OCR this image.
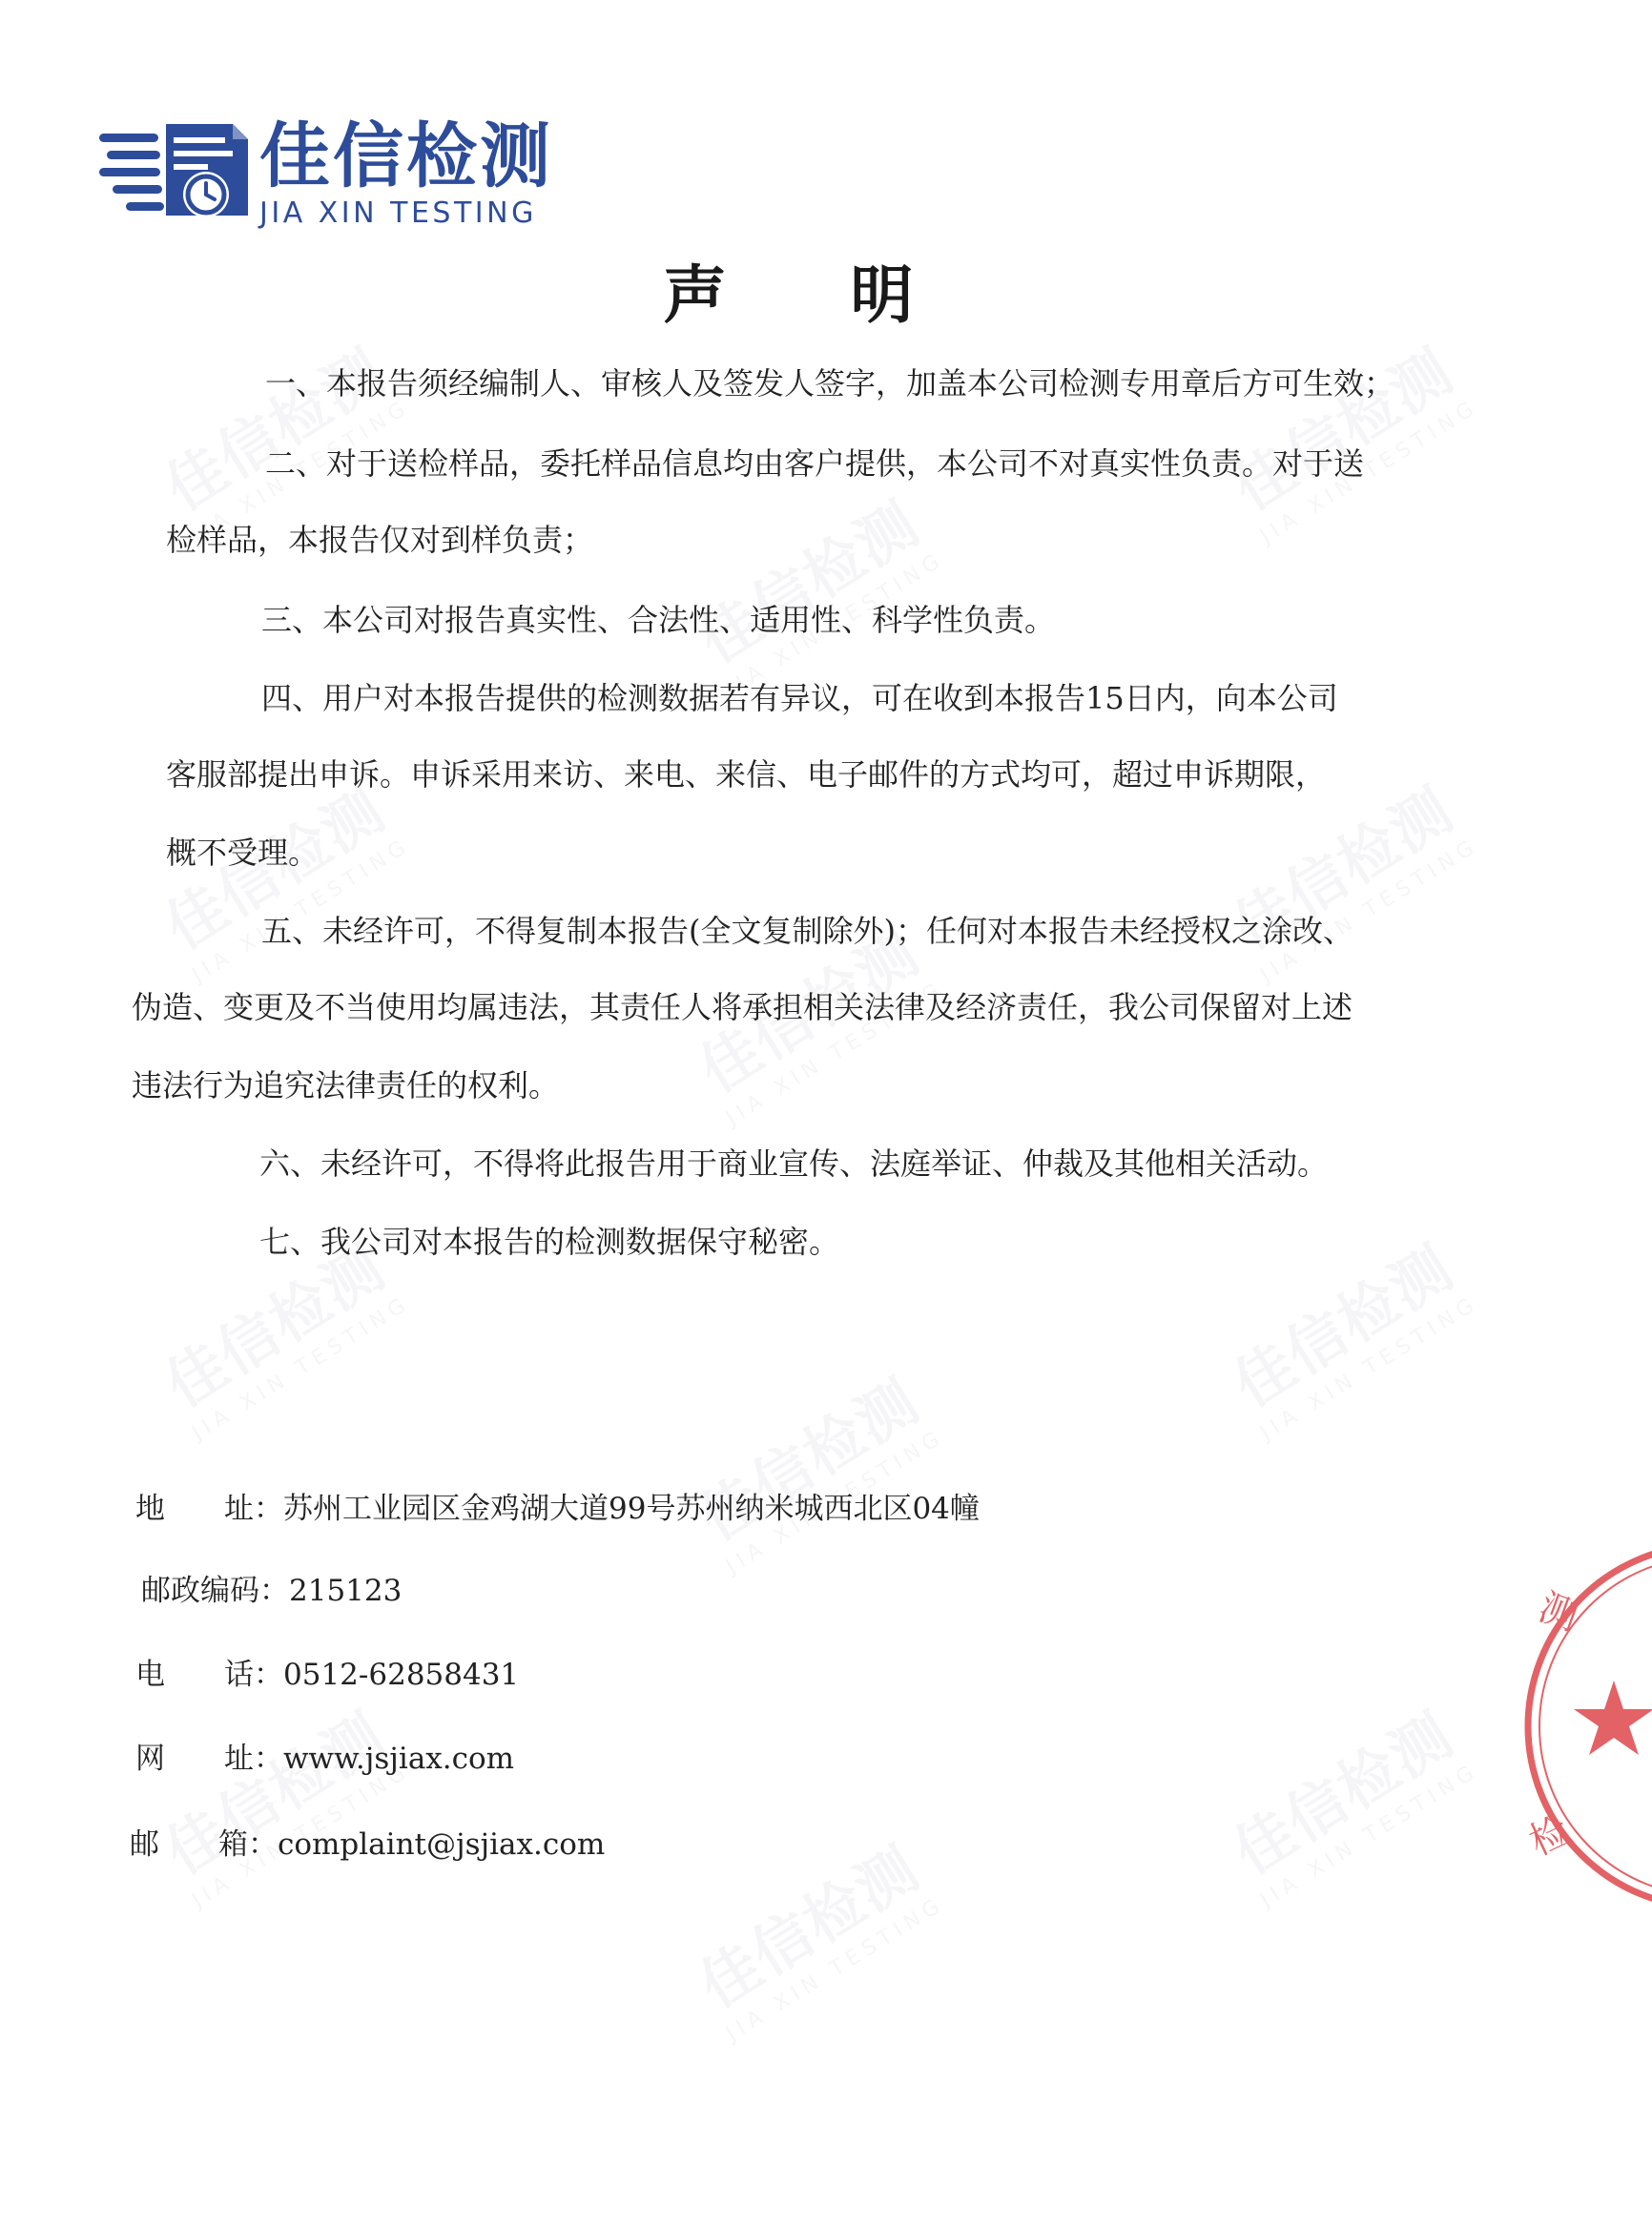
佳信检测
JIA XIN TESTING
声明
一、本报告须经编制人、审核人及签发人签字，加盖本公司检测专用章后方可生效；
二、对于送检样品，委托样品信息均由客户提供，本公司不对真实性负责。对于送
检样品，本报告仅对到样负责；
三、本公司对报告真实性、合法性、适用性、科学性负责。
四、用户对本报告提供的检测数据若有异议，可在收到本报告15日内，向本公司
客服部提出申诉。申诉采用来访、来电、来信、电子邮件的方式均可，超过申诉期限，
概不受理。
五、未经许可，不得复制本报告(全文复制除外)；任何对本报告未经授权之涂改、
伪造、变更及不当使用均属违法，其责任人将承担相关法律及经济责任，我公司保留对上述
违法行为追究法律责任的权利。
六、未经许可，不得将此报告用于商业宣传、法庭举证、仲裁及其他相关活动。
七、我公司对本报告的检测数据保守秘密。
地　　址：苏州工业园区金鸡湖大道99号苏州纳米城西北区04幢
邮政编码：215123
电　　话：0512-62858431
网　　址：www.jsjiax.com
邮　　箱：complaint@jsjiax.com
测
检
